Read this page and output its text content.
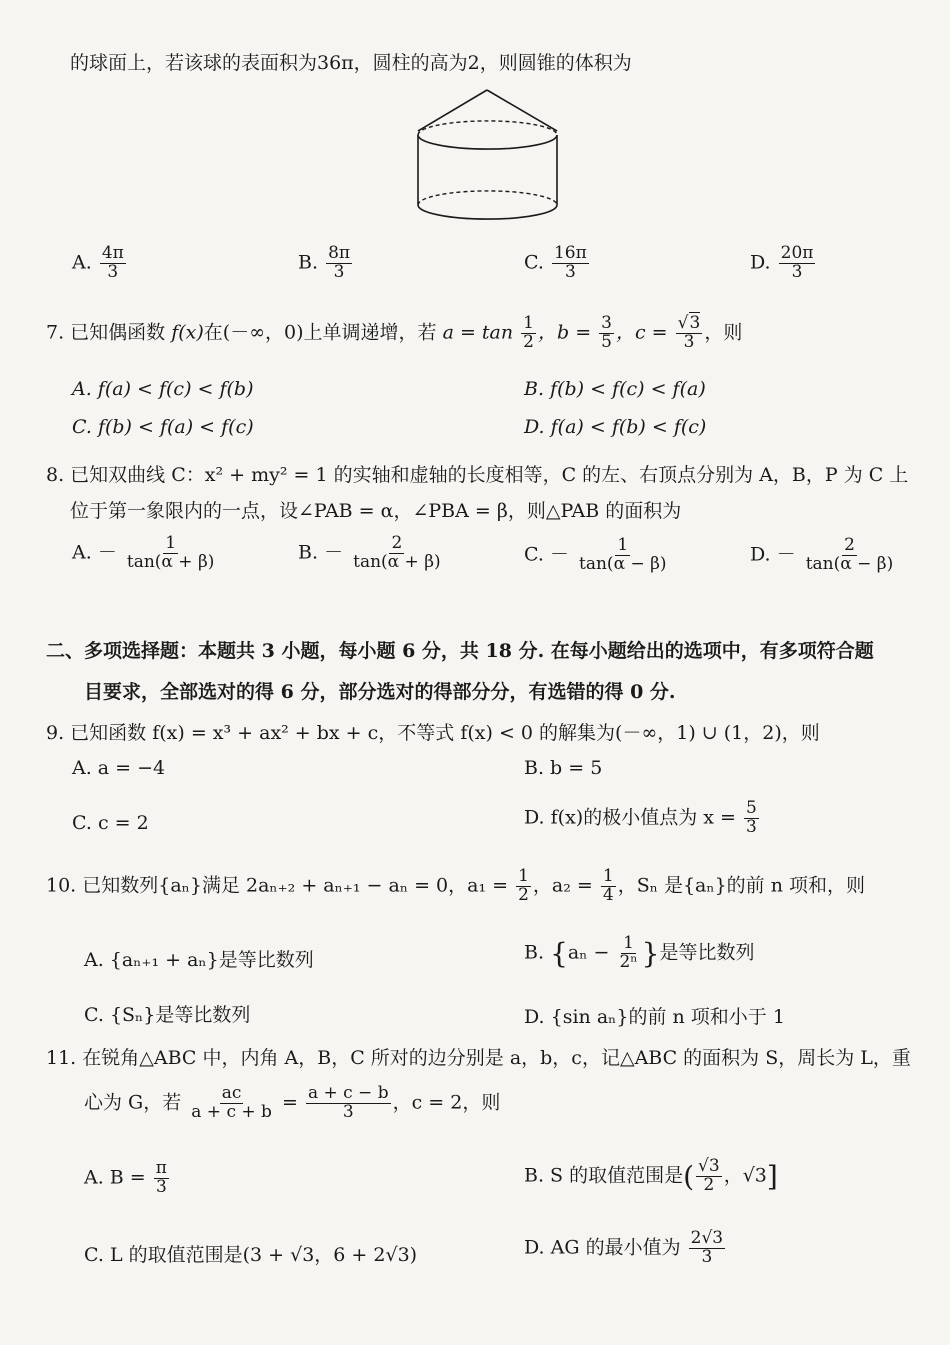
的球面上，若该球的表面积为36π，圆柱的高为2，则圆锥的体积为
A. $\frac{4\pi}{3}$	B. $\frac{8\pi}{3}$	C. $\frac{16\pi}{3}$	D. $\frac{20\pi}{3}$
7. 已知偶函数 f(x)在(－∞，0)上单调递增，若 $a = \tan \frac{1}{2}$ ，$b = \frac{3}{5}$ ，$c = \frac{√3}{3}$ ，则
A. f(a) < f(c) < f(b)	B. f(b) < f(c) < f(a)
C. f(b) < f(a) < f(c)	D. f(a) < f(b) < f(c)
8. 已知双曲线 C：x² + my² = 1 的实轴和虚轴的长度相等，C 的左、右顶点分别为 A，B，P 为 C 上
位于第一象限内的一点，设∠PAB = α，∠PBA = β，则△PAB 的面积为
A. － $\frac{1}{\tan(\alpha + \beta)}$	B. － $\frac{2}{\tan(\alpha + \beta)}$	C. － $\frac{1}{\tan(\alpha - \beta)}$	D. － $\frac{2}{\tan(\alpha - \beta)}$
二、多项选择题：本题共 3 小题，每小题 6 分，共 18 分. 在每小题给出的选项中，有多项符合题
目要求，全部选对的得 6 分，部分选对的得部分分，有选错的得 0 分.
9. 已知函数 f(x) = x³ + ax² + bx + c，不等式 f(x) < 0 的解集为(－∞，1) ∪ (1，2)，则
A. a = −4	B. b = 5
C. c = 2	D. f(x)的极小值点为 $x = \frac{5}{3}$
10. 已知数列{aₙ}满足 2aₙ₊₂ + aₙ₊₁ − aₙ = 0，$a_1 = \frac{1}{2}$ ，$a_2 = \frac{1}{4}$ ，Sₙ 是{aₙ}的前 n 项和，则
A. {aₙ₊₁ + aₙ}是等比数列	B. {$a_n - \frac{1}{\text{2ⁿ}}$ }是等比数列
C. {Sₙ}是等比数列	D. {sin aₙ}的前 n 项和小于 1
11. 在锐角△ABC 中，内角 A，B，C 所对的边分别是 a，b，c，记△ABC 的面积为 S，周长为 L，重
心为 G，若 $\frac{ac}{a + c + b} = \frac{a + c - b}{3}$ ，c = 2，则
A. $B = \frac{\pi}{3}$	B. S 的取值范围是( $\frac{√3}{2}$ ，√3]
C. L 的取值范围是(3 + √3，6 + 2√3)	D. AG 的最小值为 $\frac{2√3}{3}$
